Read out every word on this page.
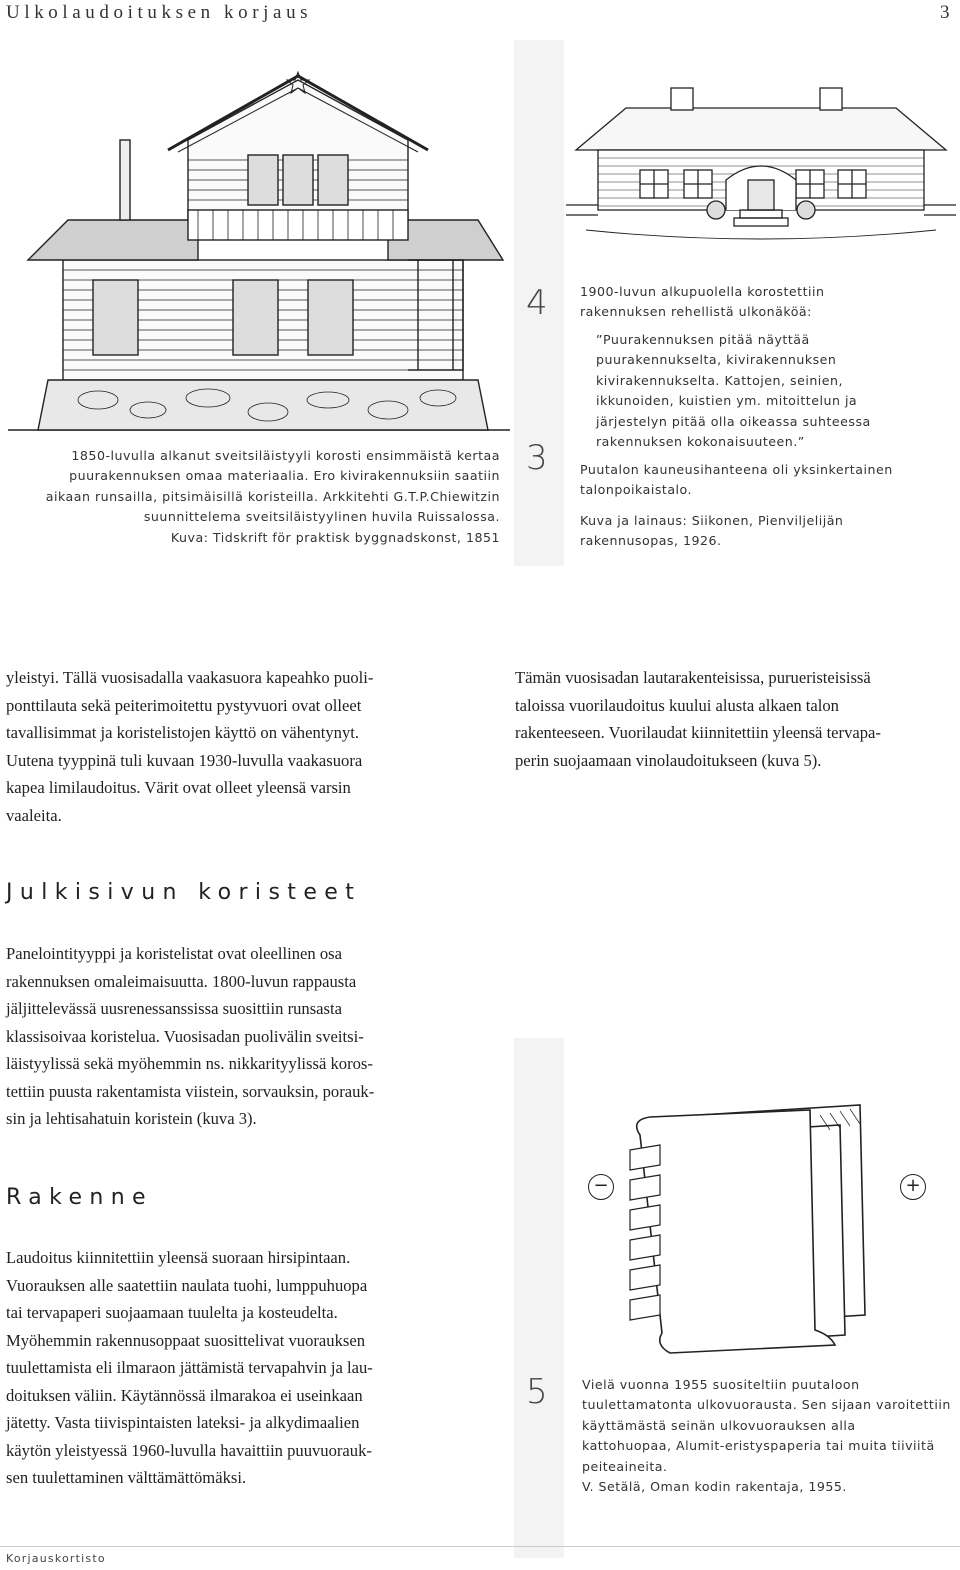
Ulkolaudoituksen korjaus	3
1850-luvulla alkanut sveitsiläistyyli korosti ensimmäistä kertaa
puurakennuksen omaa materiaalia. Ero kivirakennuksiin saatiin
aikaan runsailla, pitsimäisillä koristeilla. Arkkitehti G.T.P.Chiewitzin
suunnittelema sveitsiläistyylinen huvila Ruissalossa.
Kuva: Tidskrift för praktisk byggnadskonst, 1851
4
3
1900-luvun alkupuolella korostettiin
rakennuksen rehellistä ulkonäköä:
”Puurakennuksen pitää näyttää
puurakennukselta, kivirakennuksen
kivirakennukselta. Kattojen, seinien,
ikkunoiden, kuistien ym. mitoittelun ja
järjestelyn pitää olla oikeassa suhteessa
rakennuksen kokonaisuuteen.”
Puutalon kauneusihanteena oli yksinkertainen
talonpoikaistalo.
Kuva ja lainaus: Siikonen, Pienviljelijän
rakennusopas, 1926.
yleistyi. Tällä vuosisadalla vaakasuora kapeahko puoli-
ponttilauta sekä peiterimoitettu pystyvuori ovat olleet
tavallisimmat ja koristelistojen käyttö on vähentynyt.
Uutena tyyppinä tuli kuvaan 1930-luvulla vaakasuora
kapea limilaudoitus. Värit ovat olleet yleensä varsin
vaaleita.
Tämän vuosisadan lautarakenteisissa, purueristeisissä
taloissa vuorilaudoitus kuului alusta alkaen talon
rakenteeseen. Vuorilaudat kiinnitettiin yleensä tervapa-
perin suojaamaan vinolaudoitukseen (kuva 5).
Julkisivun koristeet
Panelointityyppi ja koristelistat ovat oleellinen osa
rakennuksen omaleimaisuutta. 1800-luvun rappausta
jäljittelevässä uusrenessanssissa suosittiin runsasta
klassisoivaa koristelua. Vuosisadan puolivälin sveitsi-
läistyylissä sekä myöhemmin ns. nikkarityylissä koros-
tettiin puusta rakentamista viistein, sorvauksin, porauk-
sin ja lehtisahatuin koristein (kuva 3).
Rakenne
Laudoitus kiinnitettiin yleensä suoraan hirsipintaan.
Vuorauksen alle saatettiin naulata tuohi, lumppuhuopa
tai tervapaperi suojaamaan tuulelta ja kosteudelta.
Myöhemmin rakennusoppaat suosittelivat vuorauksen
tuulettamista eli ilmaraon jättämistä tervapahvin ja lau-
doituksen väliin. Käytännössä ilmarakoa ei useinkaan
jätetty. Vasta tiivispintaisten lateksi- ja alkydimaalien
käytön yleistyessä 1960-luvulla havaittiin puuvuorauk-
sen tuulettaminen välttämättömäksi.
−	+
5	Vielä vuonna 1955 suositeltiin puutaloon
tuulettamatonta ulkovuorausta. Sen sijaan varoitettiin
käyttämästä seinän ulkovuorauksen alla
kattohuopaa, Alumit-eristyspaperia tai muita tiiviitä
peiteaineita.
V. Setälä, Oman kodin rakentaja, 1955.
Korjauskortisto
